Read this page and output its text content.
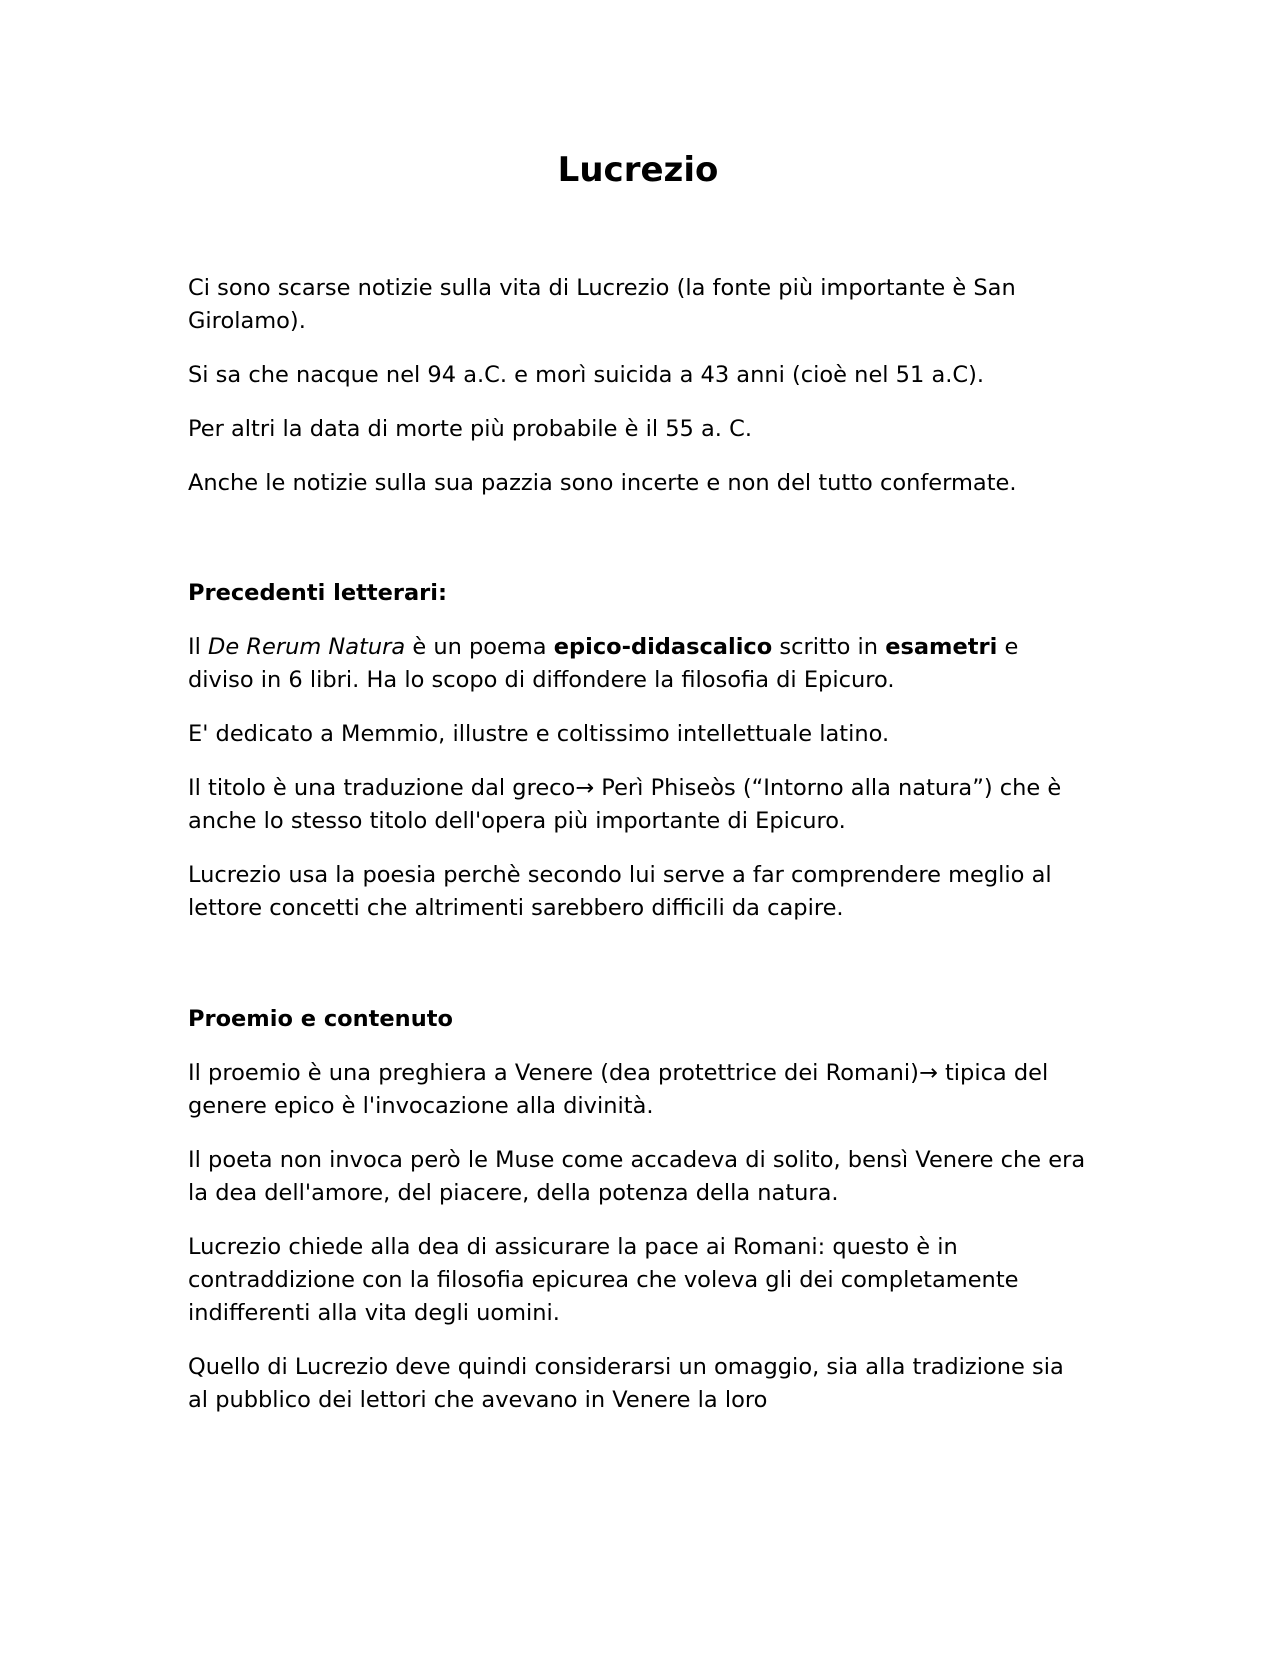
Lucrezio

Ci sono scarse notizie sulla vita di Lucrezio (la fonte più importante è San Girolamo).

Si sa che nacque nel 94 a.C. e morì suicida a 43 anni (cioè nel 51 a.C).

Per altri la data di morte più probabile è il 55 a. C.

Anche le notizie sulla sua pazzia sono incerte e non del tutto confermate.

Precedenti letterari:

Il De Rerum Natura è un poema epico-didascalico scritto in esametri e diviso in 6 libri. Ha lo scopo di diffondere la filosofia di Epicuro.

E' dedicato a Memmio, illustre e coltissimo intellettuale latino.

Il titolo è una traduzione dal greco→ Perì Phiseòs (“Intorno alla natura”) che è anche lo stesso titolo dell'opera più importante di Epicuro.

Lucrezio usa la poesia perchè secondo lui serve a far comprendere meglio al lettore concetti che altrimenti sarebbero difficili da capire.

Proemio e contenuto

Il proemio è una preghiera a Venere (dea protettrice dei Romani)→ tipica del genere epico è l'invocazione alla divinità.

Il poeta non invoca però le Muse come accadeva di solito, bensì Venere che era la dea dell'amore, del piacere, della potenza della natura.

Lucrezio chiede alla dea di assicurare la pace ai Romani: questo è in contraddizione con la filosofia epicurea che voleva gli dei completamente indifferenti alla vita degli uomini.

Quello di Lucrezio deve quindi considerarsi un omaggio, sia alla tradizione sia al pubblico dei lettori che avevano in Venere la loro
